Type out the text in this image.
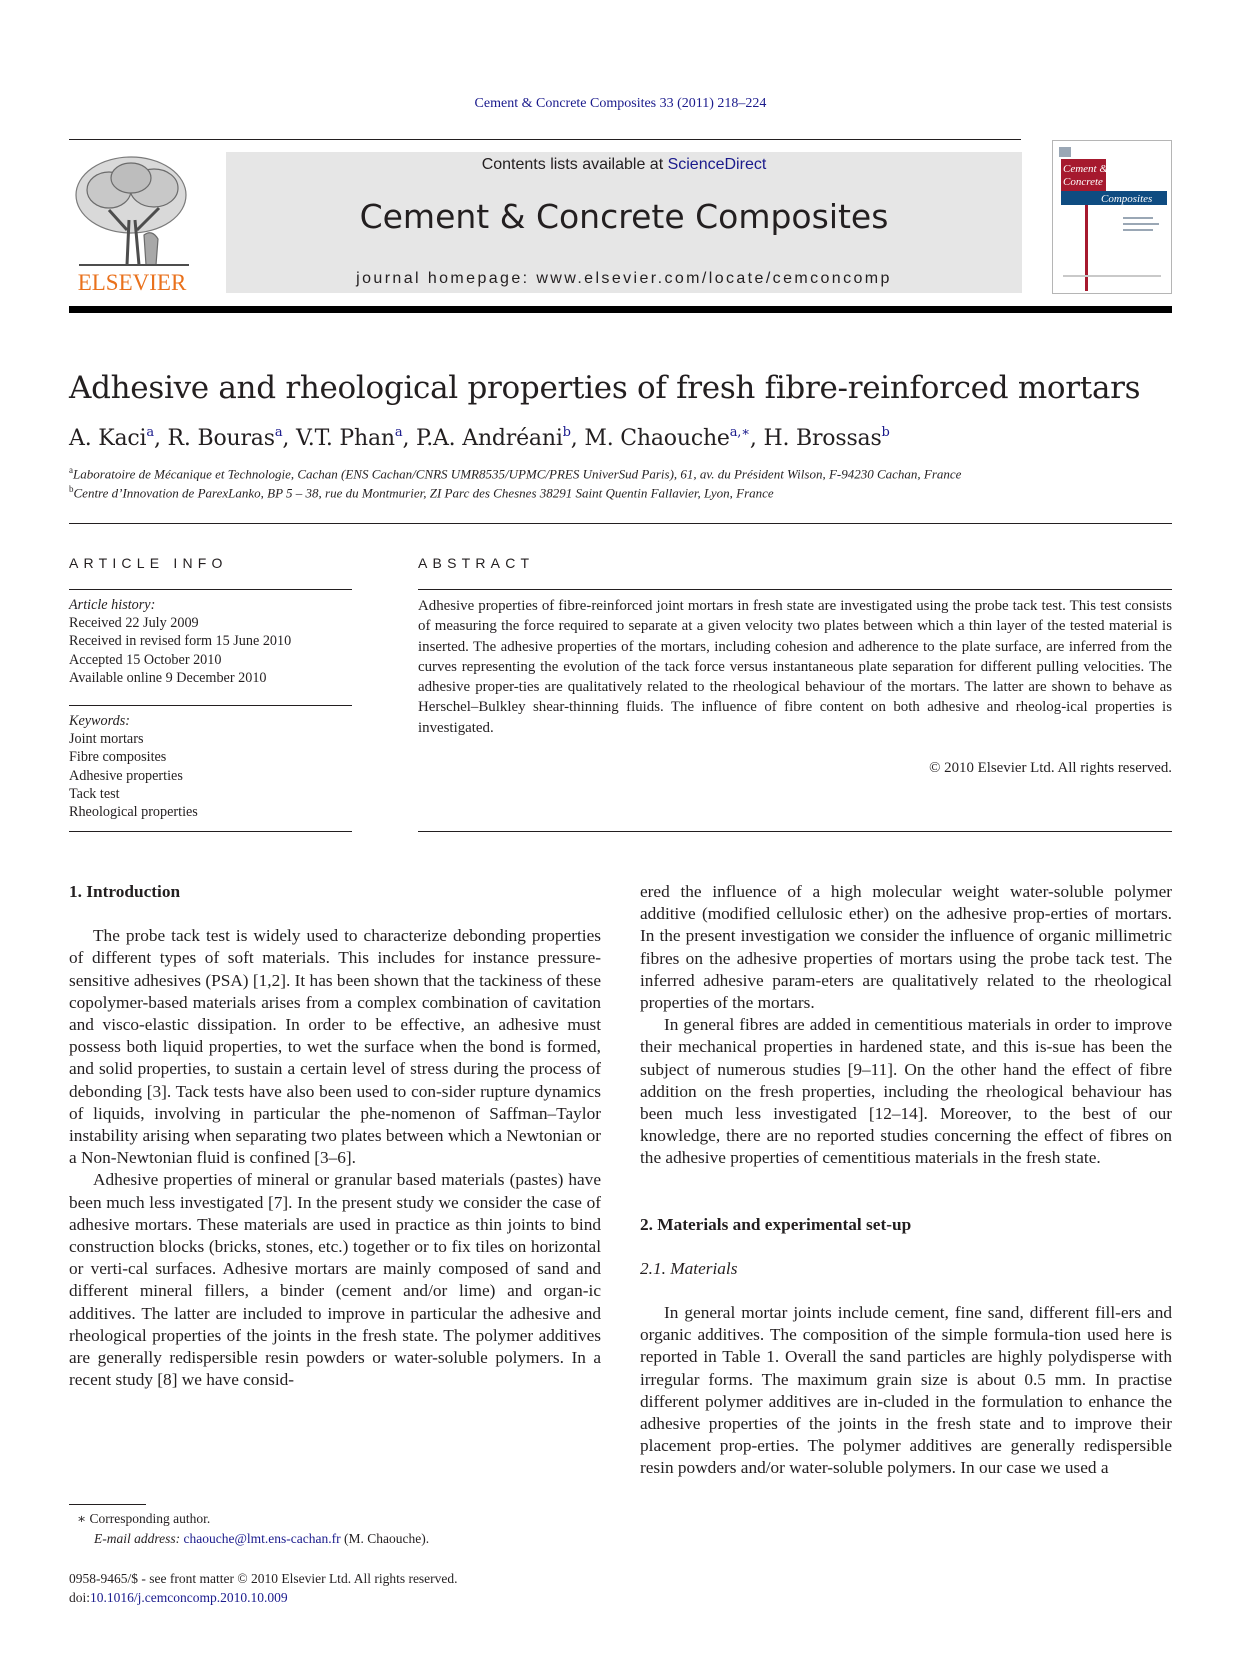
Cement & Concrete Composites 33 (2011) 218–224
ELSEVIER
Contents lists available at ScienceDirect
Cement & Concrete Composites
journal homepage: www.elsevier.com/locate/cemconcomp
Cement &
Concrete
Composites
Adhesive and rheological properties of fresh fibre-reinforced mortars
A. Kaci$^a$, R. Bouras$^a$, V.T. Phan$^a$, P.A. Andréani$^b$, M. Chaouche$^{a,∗}$, H. Brossas$^b$
$^a$Laboratoire de Mécanique et Technologie, Cachan (ENS Cachan/CNRS UMR8535/UPMC/PRES UniverSud Paris), 61, av. du Président Wilson, F-94230 Cachan, France
$^b$Centre d’Innovation de ParexLanko, BP 5 – 38, rue du Montmurier, ZI Parc des Chesnes 38291 Saint Quentin Fallavier, Lyon, France
ARTICLE INFO
Article history:
Received 22 July 2009
Received in revised form 15 June 2010
Accepted 15 October 2010
Available online 9 December 2010
Keywords:
Joint mortars
Fibre composites
Adhesive properties
Tack test
Rheological properties
ABSTRACT
Adhesive properties of fibre-reinforced joint mortars in fresh state are investigated using the probe tack test. This test consists of measuring the force required to separate at a given velocity two plates between which a thin layer of the tested material is inserted. The adhesive properties of the mortars, including cohesion and adherence to the plate surface, are inferred from the curves representing the evolution of the tack force versus instantaneous plate separation for different pulling velocities. The adhesive proper-ties are qualitatively related to the rheological behaviour of the mortars. The latter are shown to behave as Herschel–Bulkley shear-thinning fluids. The influence of fibre content on both adhesive and rheolog-ical properties is investigated.
© 2010 Elsevier Ltd. All rights reserved.
1. Introduction

The probe tack test is widely used to characterize debonding properties of different types of soft materials. This includes for instance pressure-sensitive adhesives (PSA) [1,2]. It has been shown that the tackiness of these copolymer-based materials arises from a complex combination of cavitation and visco-elastic dissipation. In order to be effective, an adhesive must possess both liquid properties, to wet the surface when the bond is formed, and solid properties, to sustain a certain level of stress during the process of debonding [3]. Tack tests have also been used to con-sider rupture dynamics of liquids, involving in particular the phe-nomenon of Saffman–Taylor instability arising when separating two plates between which a Newtonian or a Non-Newtonian fluid is confined [3–6].

Adhesive properties of mineral or granular based materials (pastes) have been much less investigated [7]. In the present study we consider the case of adhesive mortars. These materials are used in practice as thin joints to bind construction blocks (bricks, stones, etc.) together or to fix tiles on horizontal or verti-cal surfaces. Adhesive mortars are mainly composed of sand and different mineral fillers, a binder (cement and/or lime) and organ-ic additives. The latter are included to improve in particular the adhesive and rheological properties of the joints in the fresh state. The polymer additives are generally redispersible resin powders or water-soluble polymers. In a recent study [8] we have consid-

ered the influence of a high molecular weight water-soluble polymer additive (modified cellulosic ether) on the adhesive prop-erties of mortars. In the present investigation we consider the influence of organic millimetric fibres on the adhesive properties of mortars using the probe tack test. The inferred adhesive param-eters are qualitatively related to the rheological properties of the mortars.

In general fibres are added in cementitious materials in order to improve their mechanical properties in hardened state, and this is-sue has been the subject of numerous studies [9–11]. On the other hand the effect of fibre addition on the fresh properties, including the rheological behaviour has been much less investigated [12–14]. Moreover, to the best of our knowledge, there are no reported studies concerning the effect of fibres on the adhesive properties of cementitious materials in the fresh state.

2. Materials and experimental set-up
2.1. Materials

In general mortar joints include cement, fine sand, different fill-ers and organic additives. The composition of the simple formula-tion used here is reported in Table 1. Overall the sand particles are highly polydisperse with irregular forms. The maximum grain size is about 0.5 mm. In practise different polymer additives are in-cluded in the formulation to enhance the adhesive properties of the joints in the fresh state and to improve their placement prop-erties. The polymer additives are generally redispersible resin powders and/or water-soluble polymers. In our case we used a

∗ Corresponding author.
E-mail address: chaouche@lmt.ens-cachan.fr (M. Chaouche).
0958-9465/$ - see front matter © 2010 Elsevier Ltd. All rights reserved.
doi:10.1016/j.cemconcomp.2010.10.009
